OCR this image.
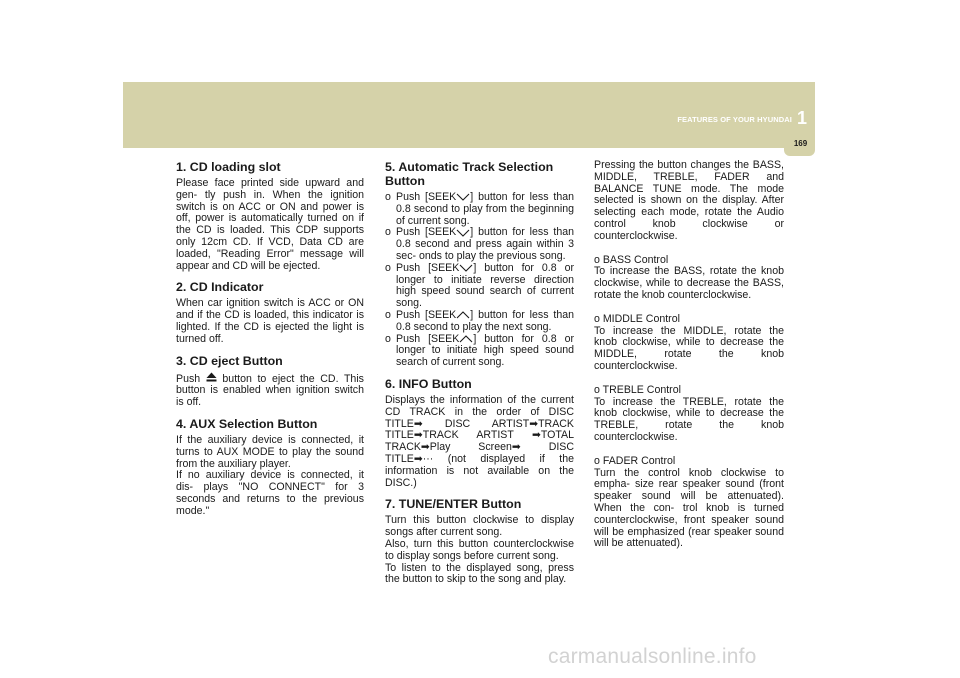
1
FEATURES OF YOUR HYUNDAI
169
1. CD loading slot

Please face printed side upward and gen- tly push in. When the ignition switch is on ACC or ON and power is off, power is automatically turned on if the CD is loaded. This CDP supports only 12cm CD. If VCD, Data CD are loaded, "Reading Error" message will appear and CD will be ejected.

2. CD Indicator

When car ignition switch is ACC or ON and if the CD is loaded, this indicator is lighted. If the CD is ejected the light is turned off.

3. CD eject Button

Push button to eject the CD. This button is enabled when ignition switch is off.

4. AUX Selection Button

If the auxiliary device is connected, it turns to AUX MODE to play the sound from the auxiliary player.
If no auxiliary device is connected, it dis- plays "NO CONNECT" for 3 seconds and returns to the previous mode."

5. Automatic Track Selection Button
o Push [SEEK ] button for less than 0.8 second to play from the beginning of current song.
o Push [SEEK ] button for less than 0.8 second and press again within 3 sec- onds to play the previous song.
o Push [SEEK ] button for 0.8 or longer to initiate reverse direction high speed sound search of current song.
o Push [SEEK ] button for less than 0.8 second to play the next song.
o Push [SEEK ] button for 0.8 or longer to initiate high speed sound search of current song.
6. INFO Button

Displays the information of the current CD TRACK in the order of DISC TITLE➡ DISC ARTIST➡TRACK TITLE➡TRACK ARTIST ➡TOTAL TRACK➡Play Screen➡	DISC TITLE➡··· (not displayed if the information is not available on the DISC.)

7. TUNE/ENTER Button

Turn this button clockwise to display songs after current song.
Also, turn this button counterclockwise to display songs before current song.
To listen to the displayed song, press the button to skip to the song and play.

Pressing the button changes the BASS, MIDDLE, TREBLE, FADER and BALANCE TUNE mode. The mode selected is shown on the display. After selecting each mode, rotate the Audio control knob clockwise or counterclockwise.

o BASS Control
To increase the BASS, rotate the knob clockwise, while to decrease the BASS, rotate the knob counterclockwise.

o MIDDLE Control
To increase the MIDDLE, rotate the knob clockwise, while to decrease the MIDDLE, rotate the knob counterclockwise.

o TREBLE Control
To increase the TREBLE, rotate the knob clockwise, while to decrease the TREBLE, rotate the knob counterclockwise.

o FADER Control
Turn the control knob clockwise to empha- size rear speaker sound (front speaker sound will be attenuated). When the con- trol knob is turned counterclockwise, front speaker sound will be emphasized (rear speaker sound will be attenuated).

carmanualsonline.info
